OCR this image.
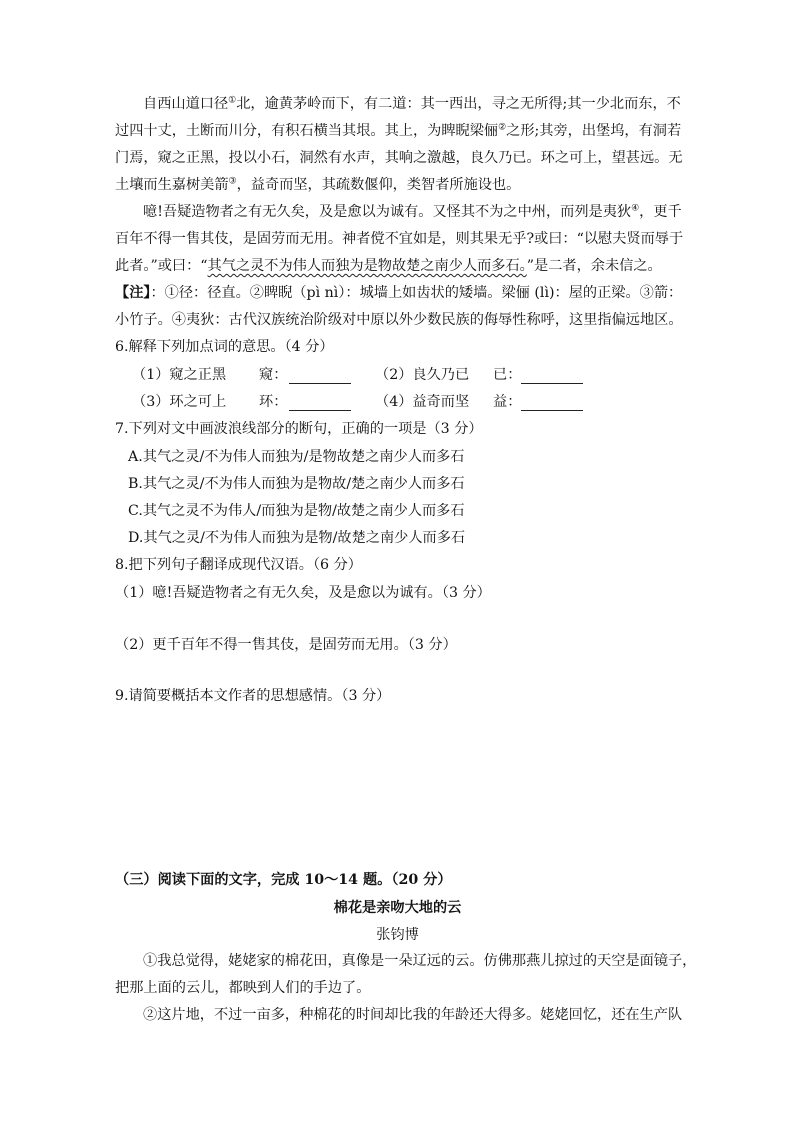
自西山道口径①北，逾黄茅岭而下，有二道：其一西出，寻之无所得;其一少北而东，不
过四十丈，土断而川分，有积石横当其垠。其上，为睥睨梁俪②之形;其旁，出堡坞，有洞若
门焉，窥之正黑，投以小石，洞然有水声，其响之激越，良久乃已。环之可上，望甚远。无
土壤而生嘉树美箭③，益奇而坚，其疏数偃仰，类智者所施设也。
噫!吾疑造物者之有无久矣，及是愈以为诚有。又怪其不为之中州，而列是夷狄④，更千
百年不得一售其伎，是固劳而无用。神者傥不宜如是，则其果无乎?或曰：“以慰夫贤而辱于
此者。”或曰：“其气之灵不为伟人而独为是物故楚之南少人而多石。”是二者，余未信之。
【注】：①径：径直。②睥睨（pì nì）：城墙上如齿状的矮墙。梁俪 (lì)：屋的正梁。③箭：
小竹子。④夷狄：古代汉族统治阶级对中原以外少数民族的侮辱性称呼，这里指偏远地区。
6.解释下列加点词的意思。（4 分）
（1）窥之正黑 窥：	（2）良久乃已 已：
（3）环之可上 环：	（4）益奇而坚 益：
7.下列对文中画波浪线部分的断句，正确的一项是（3 分）
A.其气之灵/不为伟人而独为/是物故楚之南少人而多石
B.其气之灵/不为伟人而独为是物故/楚之南少人而多石
C.其气之灵不为伟人/而独为是物/故楚之南少人而多石
D.其气之灵/不为伟人而独为是物/故楚之南少人而多石
8.把下列句子翻译成现代汉语。（6 分）
（1）噫!吾疑造物者之有无久矣，及是愈以为诚有。（3 分）
（2）更千百年不得一售其伎，是固劳而无用。（3 分）
9.请简要概括本文作者的思想感情。（3 分）
（三）阅读下面的文字，完成 10～14 题。（20 分）
棉花是亲吻大地的云
张钧博
①我总觉得，姥姥家的棉花田，真像是一朵辽远的云。仿佛那燕儿掠过的天空是面镜子，
把那上面的云儿，都映到人们的手边了。
②这片地，不过一亩多，种棉花的时间却比我的年龄还大得多。姥姥回忆，还在生产队
